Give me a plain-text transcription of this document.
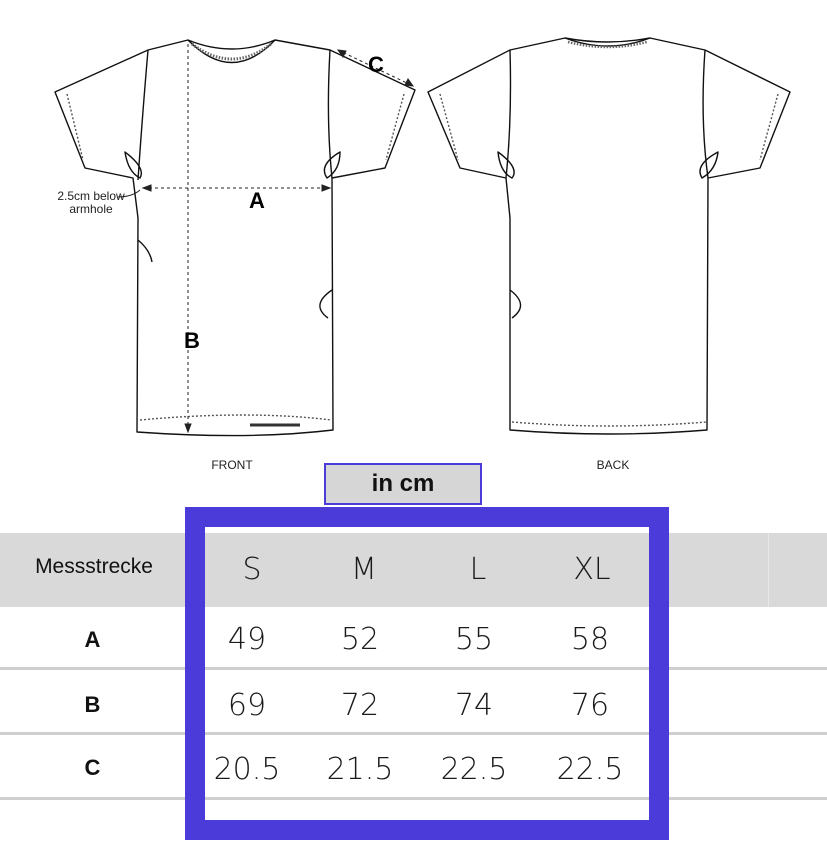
2.5cm below
armhole	A
B
C
FRONT	BACK
in cm
Messstrecke	S	M	L	XL
A	49	52	55	58
B	69	72	74	76
C	20.5	21.5	22.5	22.5
